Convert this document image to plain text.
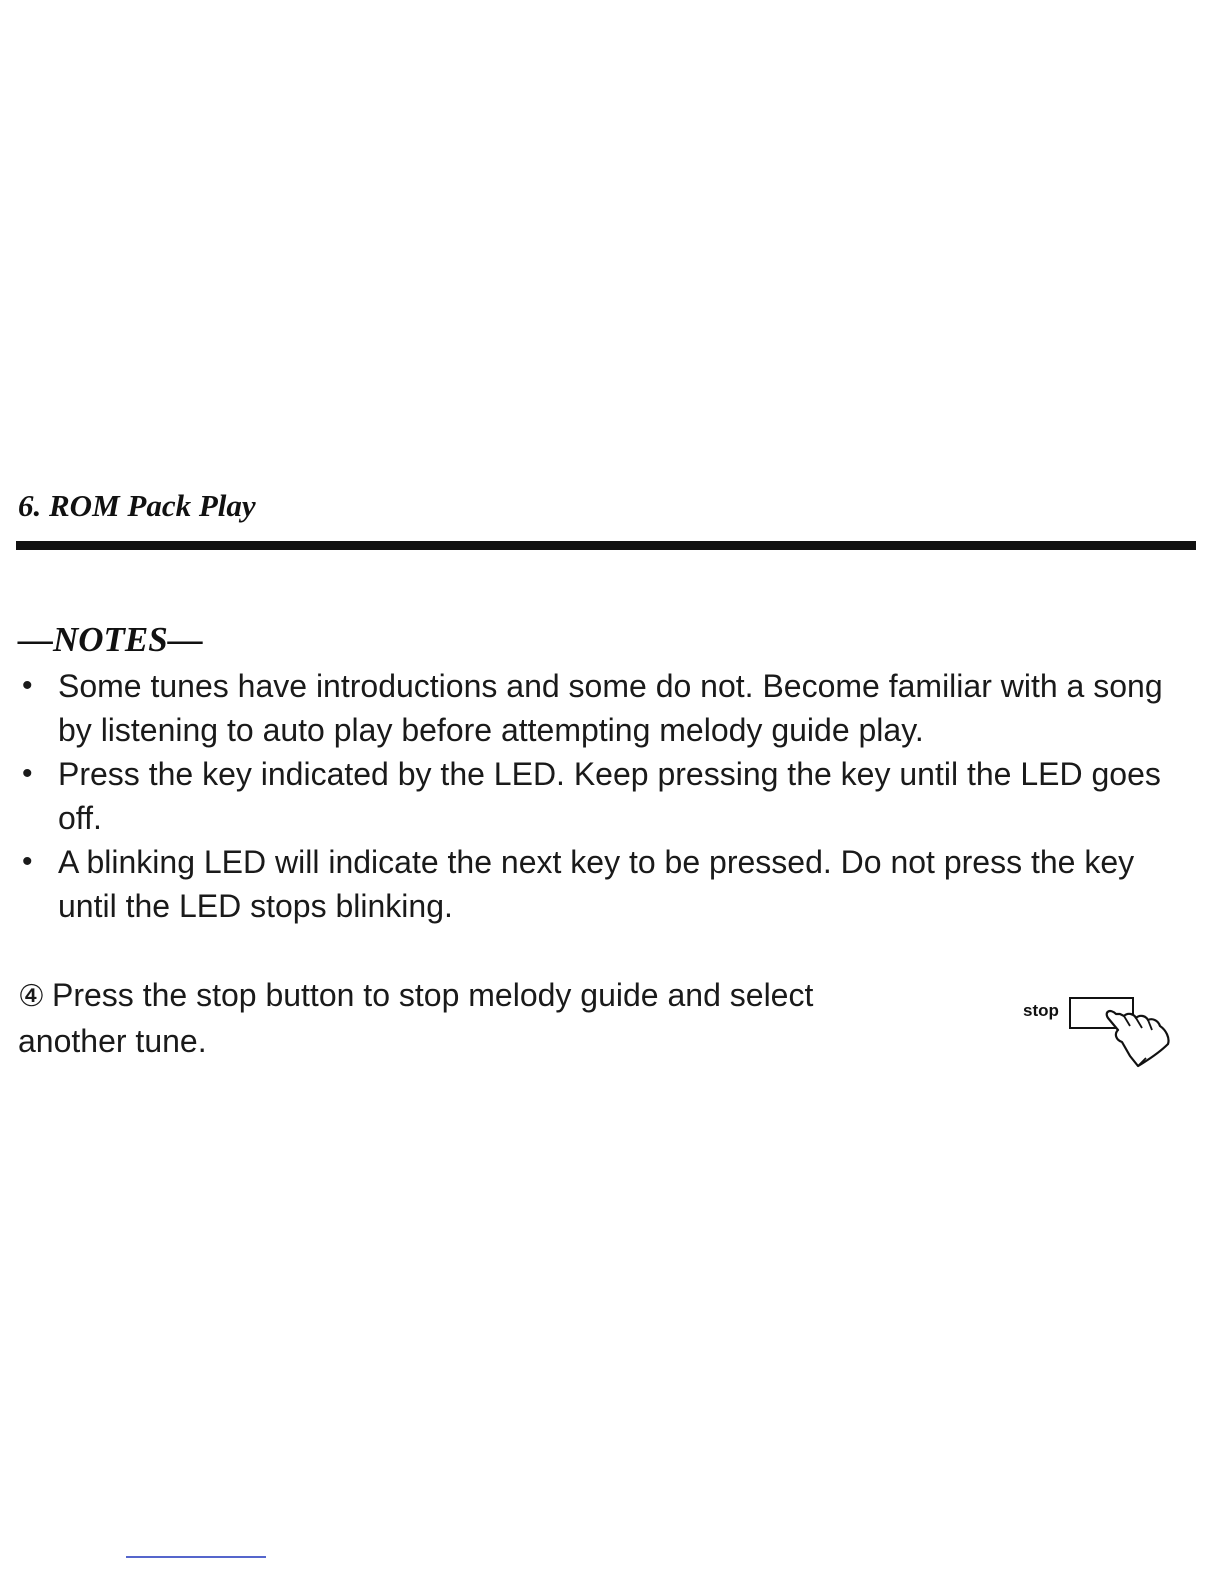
6. ROM Pack Play
—NOTES—
• Some tunes have introductions and some do not. Become familiar with a song by listening to auto play before attempting melody guide play.
• Press the key indicated by the LED. Keep pressing the key until the LED goes off.
• A blinking LED will indicate the next key to be pressed. Do not press the key until the LED stops blinking.
④ Press the stop button to stop melody guide and select another tune.
stop
